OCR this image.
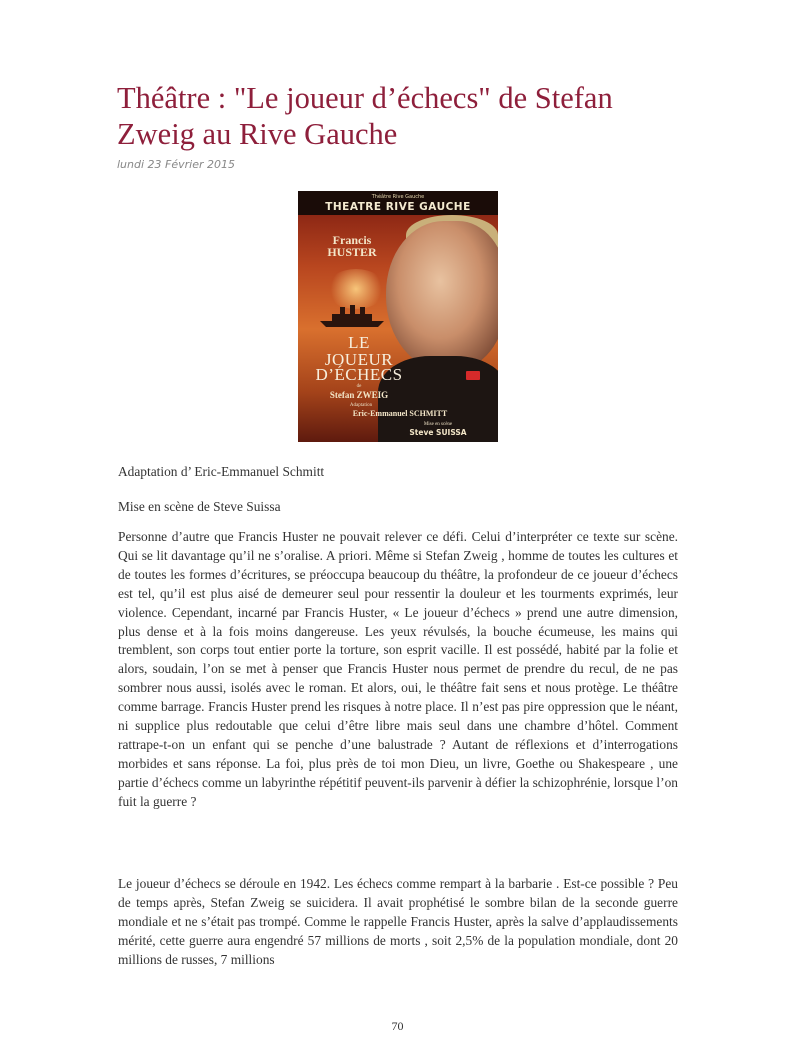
Théâtre : "Le joueur d’échecs" de Stefan Zweig au Rive Gauche
lundi 23 Février 2015
Théâtre Rive Gauche
THEATRE RIVE GAUCHE
Francis
HUSTER
LE
JOUEUR
D’ÉCHECS
de
Stefan ZWEIG
Adaptation
Eric-Emmanuel SCHMITT
Mise en scène
Steve SUISSA

Adaptation d’ Eric-Emmanuel Schmitt

Mise en scène de Steve Suissa

Personne d’autre que Francis Huster ne pouvait relever ce défi. Celui d’interpréter ce texte sur scène. Qui se lit davantage qu’il ne s’oralise. A priori. Même si Stefan Zweig , homme de toutes les cultures et de toutes les formes d’écritures, se préoccupa beaucoup du théâtre, la profondeur de ce joueur d’échecs est tel, qu’il est plus aisé de demeurer seul pour ressentir la douleur et les tourments exprimés, leur violence. Cependant, incarné par Francis Huster, « Le joueur d’échecs » prend une autre dimension, plus dense et à la fois moins dangereuse. Les yeux révulsés, la bouche écumeuse, les mains qui tremblent, son corps tout entier porte la torture, son esprit vacille. Il est possédé, habité par la folie et alors, soudain, l’on se met à penser que Francis Huster nous permet de prendre du recul, de ne pas sombrer nous aussi, isolés avec le roman. Et alors, oui, le théâtre fait sens et nous protège. Le théâtre comme barrage. Francis Huster prend les risques à notre place. Il n’est pas pire oppression que le néant, ni supplice plus redoutable que celui d’être libre mais seul dans une chambre d’hôtel. Comment rattrape-t-on un enfant qui se penche d’une balustrade ? Autant de réflexions et d’interrogations morbides et sans réponse. La foi, plus près de toi mon Dieu, un livre, Goethe ou Shakespeare , une partie d’échecs comme un labyrinthe répétitif peuvent-ils parvenir à défier la schizophrénie, lorsque l’on fuit la guerre ?

Le joueur d’échecs se déroule en 1942. Les échecs comme rempart à la barbarie . Est-ce possible ? Peu de temps après, Stefan Zweig se suicidera. Il avait prophétisé le sombre bilan de la seconde guerre mondiale et ne s’était pas trompé. Comme le rappelle Francis Huster, après la salve d’applaudissements mérité, cette guerre aura engendré 57 millions de morts , soit 2,5% de la population mondiale, dont 20 millions de russes, 7 millions

70
